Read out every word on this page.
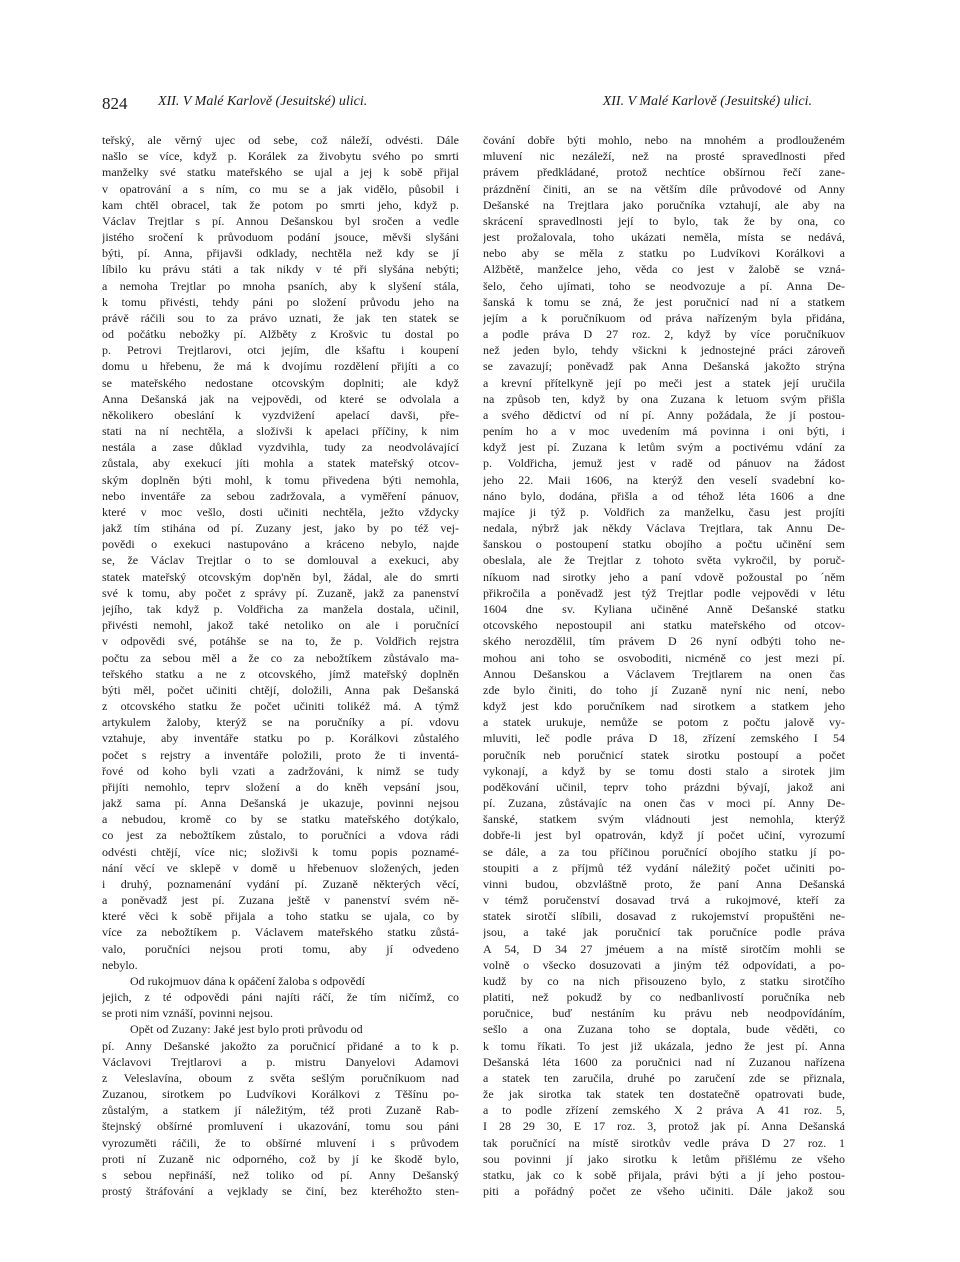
824 XII. V Malé Karlově (Jesuitské) ulici.	XII. V Malé Karlově (Jesuitské) ulici.
teřský, ale věrný ujec od sebe, což náleží, odvésti. Dále
našlo se více, když p. Korálek za živobytu svého po smrti
manželky své statku mateřského se ujal a jej k sobě přijal
v opatrování a s ním, co mu se a jak vidělo, působil i
kam chtěl obracel, tak že potom po smrti jeho, když p.
Václav Trejtlar s pí. Annou Dešanskou byl sročen a vedle
jistého sročení k průvoduom podání jsouce, měvši slyšáni
býti, pí. Anna, přijavši odklady, nechtěla než kdy se jí
líbilo ku právu státi a tak nikdy v té při slyšána nebýti;
a nemoha Trejtlar po mnoha psaních, aby k slyšení stála,
k tomu přivésti, tehdy páni po složení průvodu jeho na
právě ráčili sou to za právo uznati, že jak ten statek se
od počátku nebožky pí. Alžběty z Krošvic tu dostal po
p. Petrovi Trejtlarovi, otci jejím, dle kšaftu i koupení
domu u hřebenu, že má k dvojímu rozdělení přijíti a co
se mateřského nedostane otcovským doplniti; ale když
Anna Dešanská jak na vejpovědi, od které se odvolala a
několikero obeslání k vyzdvižení apelací davši, pře-
stati na ní nechtěla, a složivši k apelaci příčiny, k nim
nestála a zase důklad vyzdvihla, tudy za neodvolávající
zůstala, aby exekucí jíti mohla a statek mateřský otcov-
ským doplněn býti mohl, k tomu přivedena býti nemohla,
nebo inventáře za sebou zadržovala, a vyměření pánuov,
které v moc vešlo, dosti učiniti nechtěla, ježto vždycky
jakž tím stihána od pí. Zuzany jest, jako by po též vej-
povědi o exekuci nastupováno a kráceno nebylo, najde
se, že Václav Trejtlar o to se domlouval a exekuci, aby
statek mateřský otcovským dop'něn byl, žádal, ale do smrti
své k tomu, aby počet z správy pí. Zuzaně, jakž za panenství
jejího, tak když p. Voldřicha za manžela dostala, učinil,
přivésti nemohl, jakož také netoliko on ale i poručnící
v odpovědi své, potáhše se na to, že p. Voldřich rejstra
počtu za sebou měl a že co za nebožtíkem zůstávalo ma-
teřského statku a ne z otcovského, jímž mateřský doplněn
býti měl, počet učiniti chtějí, doložili, Anna pak Dešanská
z otcovského statku že počet učiniti tolikéž má. A týmž
artykulem žaloby, kterýž se na poručníky a pí. vdovu
vztahuje, aby inventáře statku po p. Korálkovi zůstalého
počet s rejstry a inventáře položili, proto že ti inventá-
řové od koho byli vzati a zadržováni, k nimž se tudy
přijíti nemohlo, teprv složení a do kněh vepsání jsou,
jakž sama pí. Anna Dešanská je ukazuje, povinni nejsou
a nebudou, kromě co by se statku mateřského dotýkalo,
co jest za nebožtíkem zůstalo, to poručníci a vdova rádi
odvésti chtějí, více nic; složivši k tomu popis poznamé-
nání věcí ve sklepě v domě u hřebenuov složených, jeden
i druhý, poznamenání vydání pí. Zuzaně některých věcí,
a poněvadž jest pí. Zuzana ještě v panenství svém ně-
které věci k sobě přijala a toho statku se ujala, co by
více za nebožtíkem p. Václavem mateřského statku zůstá-
valo, poručníci nejsou proti tomu, aby jí odvedeno
nebylo.
Od rukojmuov dána k opáčení žaloba s odpovědí
jejich, z té odpovědi páni najíti ráčí, že tím ničímž, co
se proti nim vznáší, povinni nejsou.
Opět od Zuzany: Jaké jest bylo proti průvodu od
pí. Anny Dešanské jakožto za poručnicí přidané a to k p.
Václavovi Trejtlarovi a p. mistru Danyelovi Adamovi
z Veleslavína, oboum z světa sešlým poručníkuom nad
Zuzanou, sirotkem po Ludvíkovi Korálkovi z Těšínu po-
zůstalým, a statkem jí náležitým, též proti Zuzaně Rab-
štejnský obšírné promluvení i ukazování, tomu sou páni
vyrozuměti ráčili, že to obšírné mluvení i s průvodem
proti ní Zuzaně nic odporného, což by jí ke škodě bylo,
s sebou nepřináší, než toliko od pí. Anny Dešanský
prostý štráfování a vejklady se činí, bez kteréhožto sten-
čování dobře býti mohlo, nebo na mnohém a prodlouženém
mluvení nic nezáleží, než na prosté spravedlnosti před
právem předkládané, protož nechtíce obšírnou řečí zane-
prázdnění činiti, an se na větším díle průvodové od Anny
Dešanské na Trejtlara jako poručníka vztahují, ale aby na
skrácení spravedlnosti její to bylo, tak že by ona, co
jest prožalovala, toho ukázati neměla, místa se nedává,
nebo aby se měla z statku po Ludvíkovi Korálkovi a
Alžbětě, manželce jeho, věda co jest v žalobě se vzná-
šelo, čeho ujímati, toho se neodvozuje a pí. Anna De-
šanská k tomu se zná, že jest poručnicí nad ní a statkem
jejím a k poručníkuom od práva nařízeným byla přidána,
a podle práva D 27 roz. 2, když by více poručníkuov
než jeden bylo, tehdy všickni k jednostejné práci zároveň
se zavazují; poněvadž pak Anna Dešanská jakožto strýna
a krevní přítelkyně její po meči jest a statek její uručila
na způsob ten, když by ona Zuzana k letuom svým přišla
a svého dědictví od ní pí. Anny požádala, že jí postou-
pením ho a v moc uvedením má povinna i oni býti, i
když jest pí. Zuzana k letům svým a poctivému vdání za
p. Voldřicha, jemuž jest v radě od pánuov na žádost
jeho 22. Maii 1606, na kterýž den veselí svadební ko-
náno bylo, dodána, přišla a od téhož léta 1606 a dne
majíce ji týž p. Voldřich za manželku, času jest projíti
nedala, nýbrž jak někdy Václava Trejtlara, tak Annu De-
šanskou o postoupení statku obojího a počtu učinění sem
obeslala, ale že Trejtlar z tohoto světa vykročil, by poruč-
níkuom nad sirotky jeho a paní vdově požoustal po ´něm
přikročila a poněvadž jest týž Trejtlar podle vejpovědi v létu
1604 dne sv. Kyliana učiněné Anně Dešanské statku
otcovského nepostoupil ani statku mateřského od otcov-
ského nerozdělil, tím právem D 26 nyní odbýti toho ne-
mohou ani toho se osvoboditi, nicméně co jest mezi pí.
Annou Dešanskou a Václavem Trejtlarem na onen čas
zde bylo činiti, do toho jí Zuzaně nyní nic není, nebo
když jest kdo poručníkem nad sirotkem a statkem jeho
a statek urukuje, nemůže se potom z počtu jalově vy-
mluviti, leč podle práva D 18, zřízení zemského I 54
poručník neb poručnicí statek sirotku postoupí a počet
vykonají, a když by se tomu dosti stalo a sirotek jim
poděkování učinil, teprv toho prázdni bývají, jakož ani
pí. Zuzana, zůstávajíc na onen čas v moci pí. Anny De-
šanské, statkem svým vládnouti jest nemohla, kterýž
dobře-li jest byl opatrován, když jí počet učiní, vyrozumí
se dále, a za tou příčinou poručnící obojího statku jí po-
stoupiti a z příjmů též vydání náležitý počet učiniti po-
vinni budou, obzvláštně proto, že paní Anna Dešanská
v témž poručenství dosavad trvá a rukojmové, kteří za
statek sirotčí slíbili, dosavad z rukojemství propuštěni ne-
jsou, a také jak poručnicí tak poručníce podle práva
A 54, D 34 27 jméuem a na místě sirotčím mohli se
volně o všecko dosuzovati a jiným též odpovídati, a po-
kudž by co na nich přisouzeno bylo, z statku sirotčího
platiti, než pokudž by co nedbanlivostí poručníka neb
poručnice, buď nestáním ku právu neb neodpovídáním,
sešlo a ona Zuzana toho se doptala, bude věděti, co
k tomu říkati. To jest již ukázala, jedno že jest pí. Anna
Dešanská léta 1600 za poručnici nad ní Zuzanou nařízena
a statek ten zaručila, druhé po zaručení zde se přiznala,
že jak sirotka tak statek ten dostatečně opatrovati bude,
a to podle zřízení zemského X 2 práva A 41 roz. 5,
I 28 29 30, E 17 roz. 3, protož jak pí. Anna Dešanská
tak poručnící na místě sirotkův vedle práva D 27 roz. 1
sou povinni jí jako sirotku k letům přišlému ze všeho
statku, jak co k sobě přijala, právi býti a jí jeho postou-
piti a pořádný počet ze všeho učiniti. Dále jakož sou
